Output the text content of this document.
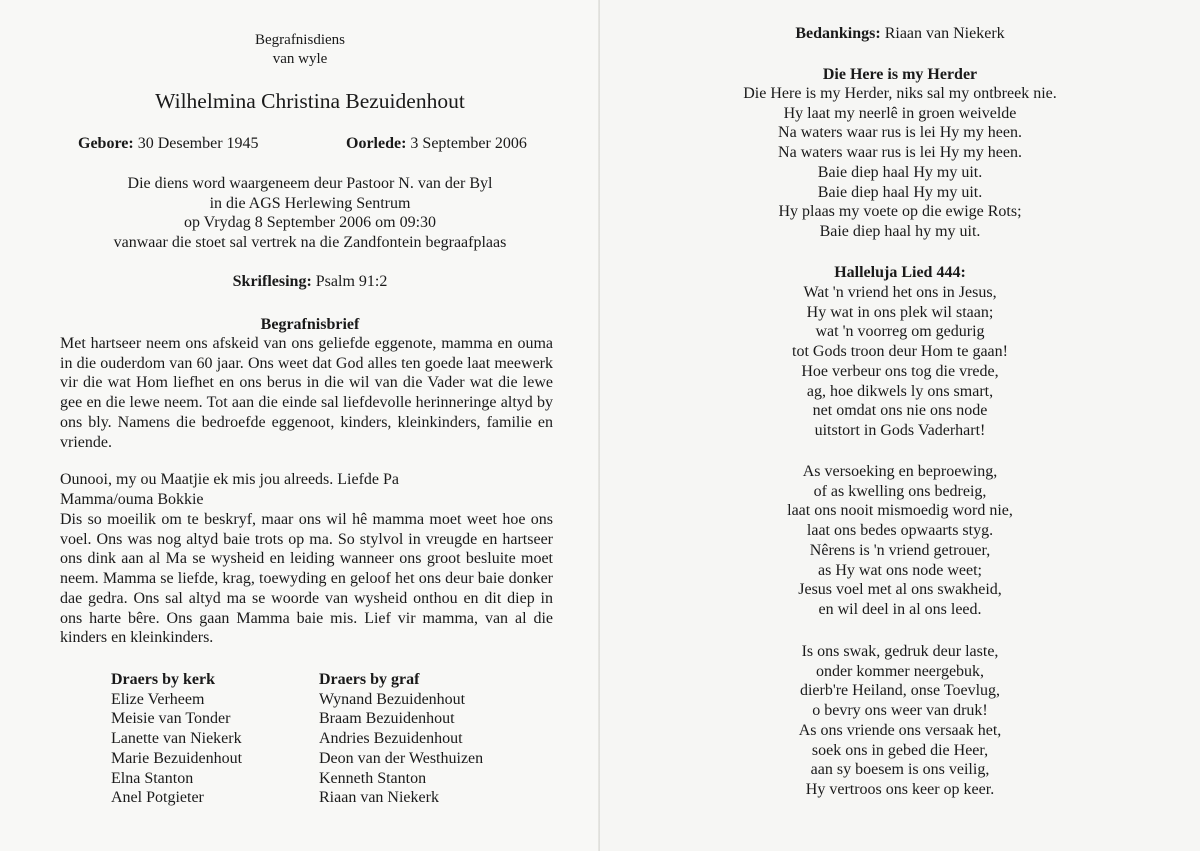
Begrafnisdiens
van wyle
Wilhelmina Christina Bezuidenhout
Gebore: 30 Desember 1945	Oorlede: 3 September 2006
Die diens word waargeneem deur Pastoor N. van der Byl
in die AGS Herlewing Sentrum
op Vrydag 8 September 2006 om 09:30
vanwaar die stoet sal vertrek na die Zandfontein begraafplaas
Skriflesing: Psalm 91:2
Begrafnisbrief
Met hartseer neem ons afskeid van ons geliefde eggenote, mamma en ouma in die ouderdom van 60 jaar. Ons weet dat God alles ten goede laat meewerk vir die wat Hom liefhet en ons berus in die wil van die Vader wat die lewe gee en die lewe neem. Tot aan die einde sal liefdevolle herinneringe altyd by ons bly. Namens die bedroefde eggenoot, kinders, kleinkinders, familie en vriende.
Ounooi, my ou Maatjie ek mis jou alreeds. Liefde Pa
Mamma/ouma Bokkie
Dis so moeilik om te beskryf, maar ons wil hê mamma moet weet hoe ons voel. Ons was nog altyd baie trots op ma. So stylvol in vreugde en hartseer ons dink aan al Ma se wysheid en leiding wanneer ons groot besluite moet neem. Mamma se liefde, krag, toewyding en geloof het ons deur baie donker dae gedra. Ons sal altyd ma se woorde van wysheid onthou en dit diep in ons harte bêre. Ons gaan Mamma baie mis. Lief vir mamma, van al die kinders en kleinkinders.
Draers by kerk
Elize Verheem
Meisie van Tonder
Lanette van Niekerk
Marie Bezuidenhout
Elna Stanton
Anel Potgieter
Draers by graf
Wynand Bezuidenhout
Braam Bezuidenhout
Andries Bezuidenhout
Deon van der Westhuizen
Kenneth Stanton
Riaan van Niekerk
Bedankings: Riaan van Niekerk
Die Here is my Herder
Die Here is my Herder, niks sal my ontbreek nie.
Hy laat my neerlê in groen weivelde
Na waters waar rus is lei Hy my heen.
Na waters waar rus is lei Hy my heen.
Baie diep haal Hy my uit.
Baie diep haal Hy my uit.
Hy plaas my voete op die ewige Rots;
Baie diep haal hy my uit.
Halleluja Lied 444:
Wat 'n vriend het ons in Jesus,
Hy wat in ons plek wil staan;
wat 'n voorreg om gedurig
tot Gods troon deur Hom te gaan!
Hoe verbeur ons tog die vrede,
ag, hoe dikwels ly ons smart,
net omdat ons nie ons node
uitstort in Gods Vaderhart!
As versoeking en beproewing,
of as kwelling ons bedreig,
laat ons nooit mismoedig word nie,
laat ons bedes opwaarts styg.
Nêrens is 'n vriend getrouer,
as Hy wat ons node weet;
Jesus voel met al ons swakheid,
en wil deel in al ons leed.
Is ons swak, gedruk deur laste,
onder kommer neergebuk,
dierb're Heiland, onse Toevlug,
o bevry ons weer van druk!
As ons vriende ons versaak het,
soek ons in gebed die Heer,
aan sy boesem is ons veilig,
Hy vertroos ons keer op keer.
